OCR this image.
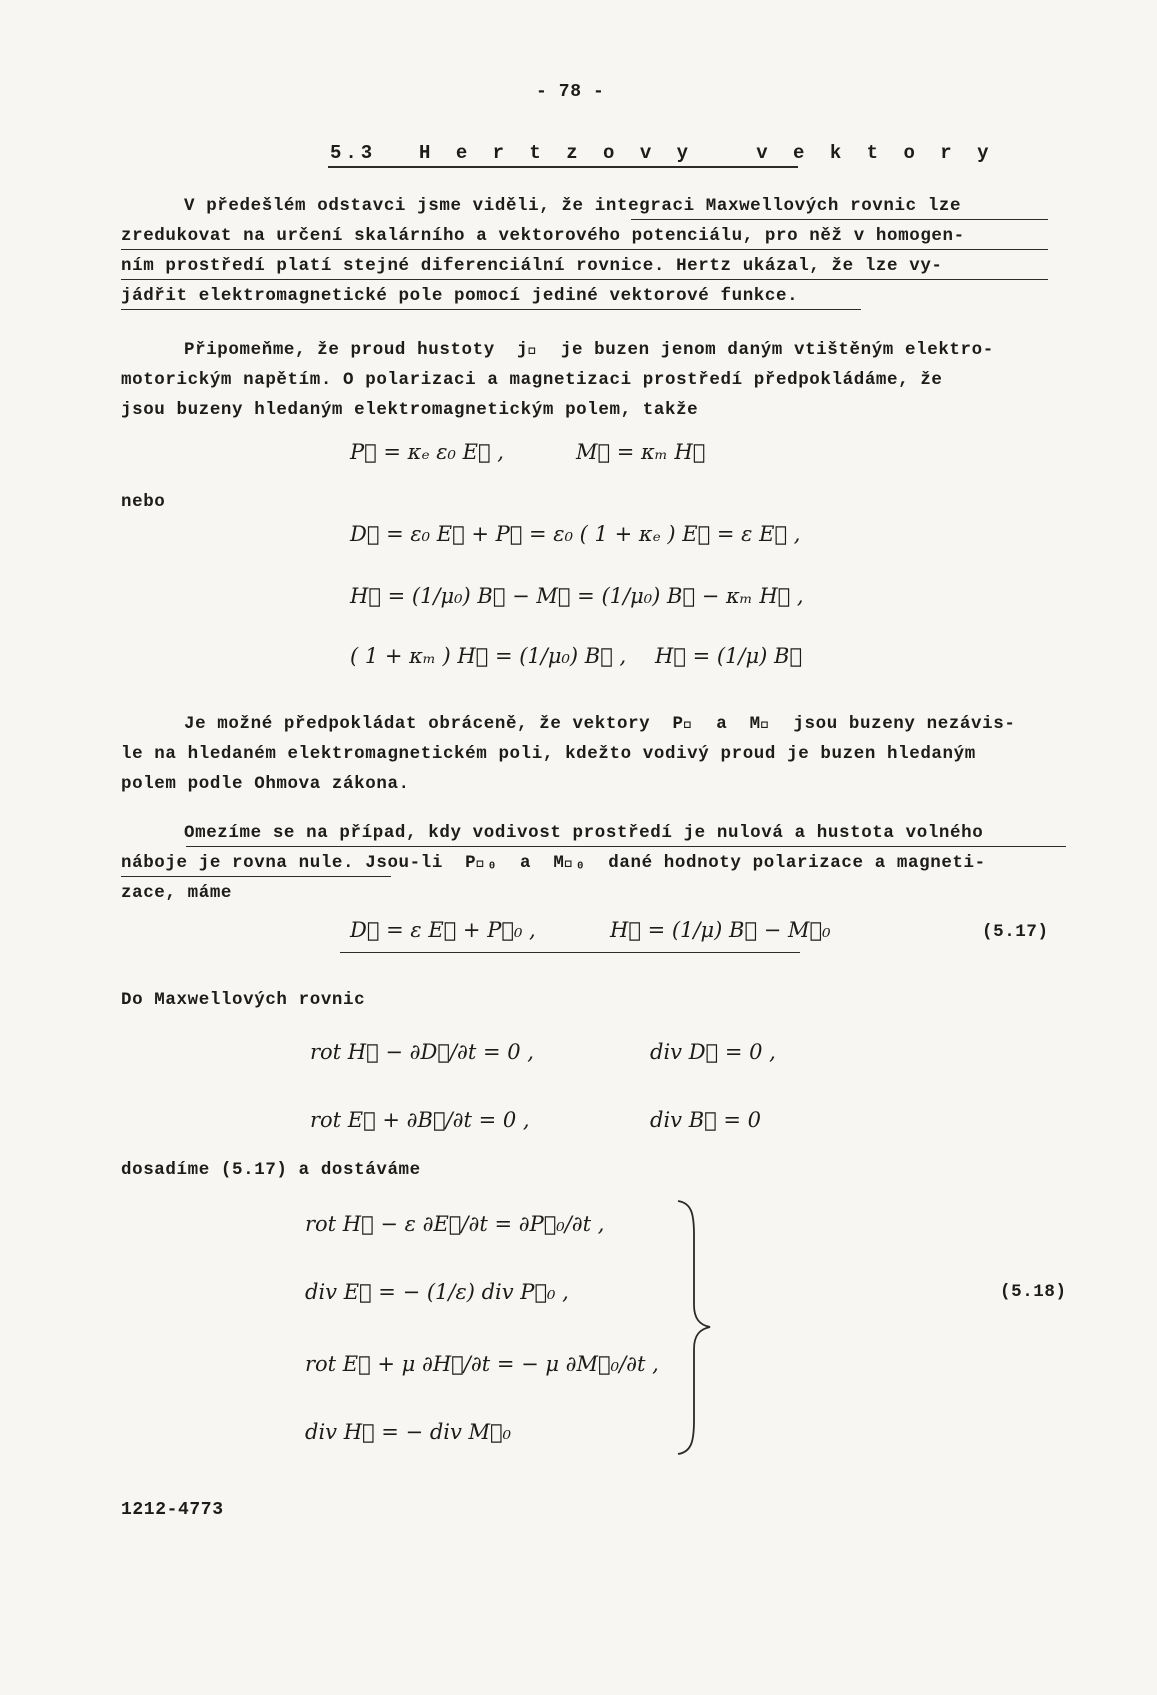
- 78 -
5.3  H e r t z o v y   v e k t o r y
V předešlém odstavci jsme viděli, že integraci Maxwellových rovnic lze
zredukovat na určení skalárního a vektorového potenciálu, pro něž v homogen-
ním prostředí platí stejné diferenciální rovnice. Hertz ukázal, že lze vy-
jádřit elektromagnetické pole pomocí jediné vektorové funkce.
Připomeňme, že proud hustoty  j⃗  je buzen jenom daným vtištěným elektro-
motorickým napětím. O polarizaci a magnetizaci prostředí předpokládáme, že
jsou buzeny hledaným elektromagnetickým polem, takže
P⃗ = κₑ ε₀ E⃗ ,	M⃗ = κₘ H⃗
nebo
D⃗ = ε₀ E⃗ + P⃗ = ε₀ ( 1 + κₑ ) E⃗ = ε E⃗ ,
H⃗ = (1/μ₀) B⃗ − M⃗ = (1/μ₀) B⃗ − κₘ H⃗ ,
( 1 + κₘ ) H⃗ = (1/μ₀) B⃗ , H⃗ = (1/μ) B⃗
Je možné předpokládat obráceně, že vektory  P⃗  a  M⃗  jsou buzeny nezávis-
le na hledaném elektromagnetickém poli, kdežto vodivý proud je buzen hledaným
polem podle Ohmova zákona.
Omezíme se na případ, kdy vodivost prostředí je nulová a hustota volného
náboje je rovna nule. Jsou-li  P⃗₀  a  M⃗₀  dané hodnoty polarizace a magneti-
zace, máme
D⃗ = ε E⃗ + P⃗₀ ,	H⃗ = (1/μ) B⃗ − M⃗₀	(5.17)
Do Maxwellových rovnic
rot H⃗ − ∂D⃗/∂t = 0 ,	div D⃗ = 0 ,
rot E⃗ + ∂B⃗/∂t = 0 ,	div B⃗ = 0
dosadíme (5.17) a dostáváme
rot H⃗ − ε ∂E⃗/∂t = ∂P⃗₀/∂t ,
div E⃗ = − (1/ε) div P⃗₀ ,
rot E⃗ + μ ∂H⃗/∂t = − μ ∂M⃗₀/∂t ,
div H⃗ = − div M⃗₀
(5.18)
1212-4773
